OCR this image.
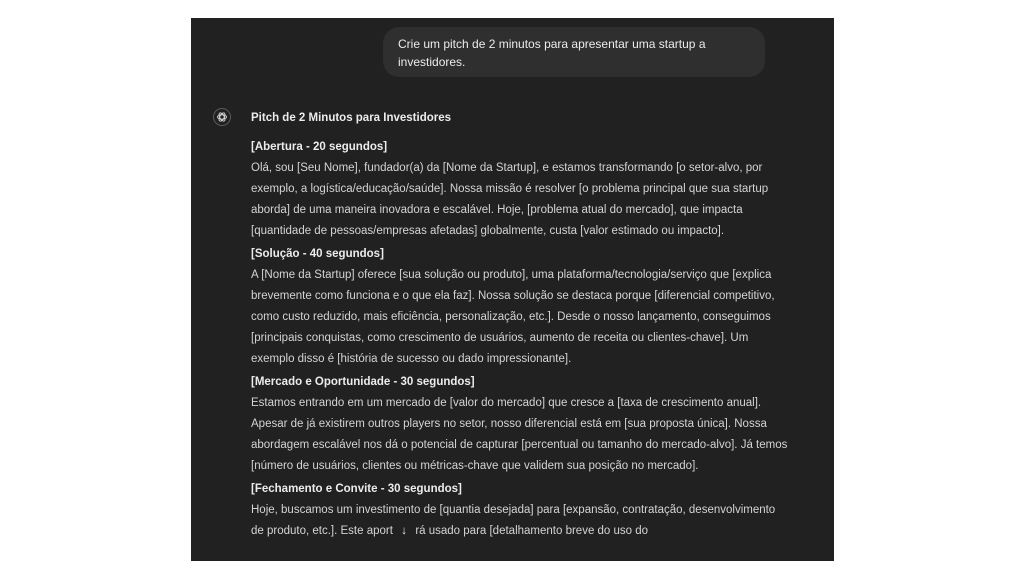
Crie um pitch de 2 minutos para apresentar uma startup a investidores.
Pitch de 2 Minutos para Investidores
[Abertura - 20 segundos]
Olá, sou [Seu Nome], fundador(a) da [Nome da Startup], e estamos transformando [o setor-alvo, por exemplo, a logística/educação/saúde]. Nossa missão é resolver [o problema principal que sua startup aborda] de uma maneira inovadora e escalável. Hoje, [problema atual do mercado], que impacta [quantidade de pessoas/empresas afetadas] globalmente, custa [valor estimado ou impacto].
[Solução - 40 segundos]
A [Nome da Startup] oferece [sua solução ou produto], uma plataforma/tecnologia/serviço que [explica brevemente como funciona e o que ela faz]. Nossa solução se destaca porque [diferencial competitivo, como custo reduzido, mais eficiência, personalização, etc.]. Desde o nosso lançamento, conseguimos [principais conquistas, como crescimento de usuários, aumento de receita ou clientes-chave]. Um exemplo disso é [história de sucesso ou dado impressionante].
[Mercado e Oportunidade - 30 segundos]
Estamos entrando em um mercado de [valor do mercado] que cresce a [taxa de crescimento anual]. Apesar de já existirem outros players no setor, nosso diferencial está em [sua proposta única]. Nossa abordagem escalável nos dá o potencial de capturar [percentual ou tamanho do mercado-alvo]. Já temos [número de usuários, clientes ou métricas-chave que validem sua posição no mercado].
[Fechamento e Convite - 30 segundos]
Hoje, buscamos um investimento de [quantia desejada] para [expansão, contratação, desenvolvimento de produto, etc.]. Este aport ↓ rá usado para [detalhamento breve do uso do
